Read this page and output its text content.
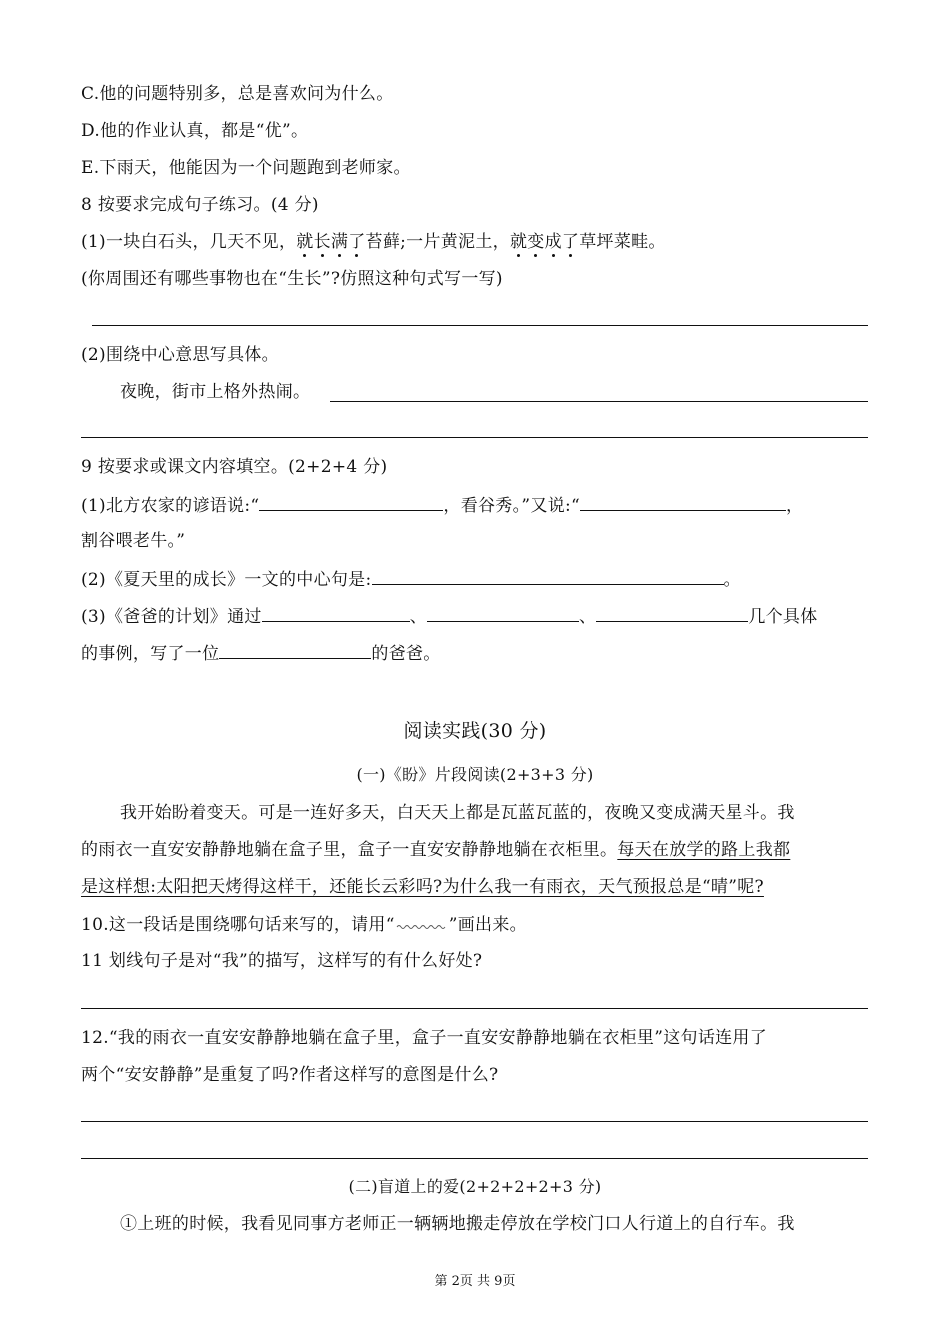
C.他的问题特别多，总是喜欢问为什么。
D.他的作业认真，都是“优”。
E.下雨天，他能因为一个问题跑到老师家。
8 按要求完成句子练习。(4 分)
(1)一块白石头，几天不见，就长满了苔藓;一片黄泥土，就变成了草坪菜畦。
(你周围还有哪些事物也在“生长”?仿照这种句式写一写)
(2)围绕中心意思写具体。
夜晚，街市上格外热闹。
9 按要求或课文内容填空。(2+2+4 分)
(1)北方农家的谚语说:“	，看谷秀。”又说:“	，
割谷喂老牛。”
(2)《夏天里的成长》一文的中心句是:	。
(3)《爸爸的计划》通过	、	、	几个具体
的事例，写了一位	的爸爸。
阅读实践(30 分)
(一)《盼》片段阅读(2+3+3 分)
我开始盼着变天。可是一连好多天，白天天上都是瓦蓝瓦蓝的，夜晚又变成满天星斗。我
的雨衣一直安安静静地躺在盒子里，盒子一直安安静静地躺在衣柜里。每天在放学的路上我都
是这样想:太阳把天烤得这样干，还能长云彩吗?为什么我一有雨衣，天气预报总是“晴”呢?
10.这一段话是围绕哪句话来写的，请用“	”画出来。
11 划线句子是对“我”的描写，这样写的有什么好处?
12.“我的雨衣一直安安静静地躺在盒子里，盒子一直安安静静地躺在衣柜里”这句话连用了
两个“安安静静”是重复了吗?作者这样写的意图是什么?
(二)盲道上的爱(2+2+2+2+3 分)
①上班的时候，我看见同事方老师正一辆辆地搬走停放在学校门口人行道上的自行车。我
第 2页 共 9页
